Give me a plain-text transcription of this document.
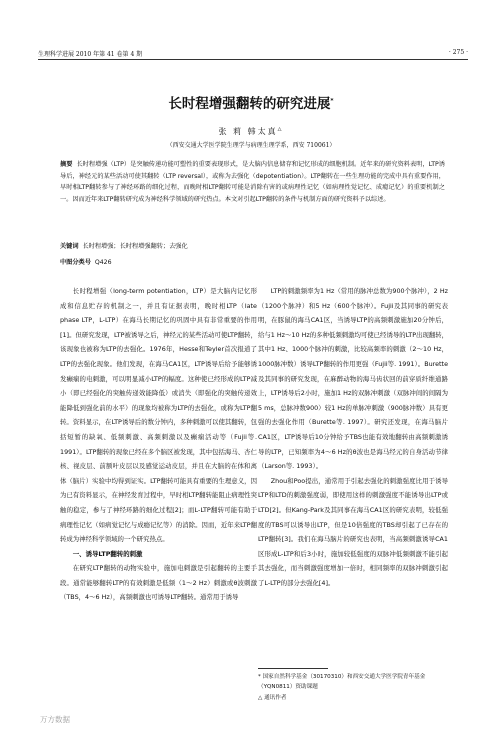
生理科学进展 2010 年第 41 卷第 4 期	· 275 ·
长时程增强翻转的研究进展*
张 莉 韩太真△
（西安交通大学医学院生理学与病理生理学系，西安 710061）
摘要 长时程增强（LTP）是突触传递功能可塑性的重要表现形式，是大脑内信息储存和记忆形成的细胞机制。近年来的研究资料表明，LTP诱导后，神经元的某些活动可使其翻转（LTP reversal），或称为去强化（depotentiation）。LTP翻转在一些生理功能的完成中具有重要作用，早时相LTP翻转参与了神经环路的细化过程，而晚时相LTP翻转可能是消除有害的或病理性记忆（如病理性觉记忆、成瘾记忆）的重要机制之一。因而近年来LTP翻转研究成为神经科学领域的研究热点。本文对引起LTP翻转的条件与机制方面的研究资料予以综述。
关键词 长时程增强；长时程增强翻转；去强化
中图分类号 Q426

长时程增强（long-term potentiation，LTP）是大脑内记忆形成和信息贮存的机制之一，并且有证据表明，晚时相LTP（late phase LTP，L-LTP）在海马长期记忆的巩固中具有非常重要的作用[1]。但研究发现，LTP被诱导之后，神经元的某些活动可使LTP翻转，该现象也被称为LTP的去强化。1976年，Hesse和Teyler首次报道了LTP的去强化现象。他们发现，在海马CA1区，LTP诱导后给予能够诱发癫痫的电刺激，可以明显减小LTP的幅度。这种使已经形成的LTP减小（即已经强化的突触传递效能降低）或消失（即强化的突触传递效能降低到强化前的水平）的现象均被称为LTP的去强化，或称为LTP翻转。资料显示，在LTP诱导后的数分钟内，多种刺激可以使其翻转，包括短暂的缺氧、低频刺激、高频刺激以及癫痫活动等（Fujii等. 1991）。LTP翻转的现象已经在多个脑区被发现，其中包括海马、杏仁核、视皮层、前额叶皮层以及感觉运动皮层，并且在大脑的在体和离体（脑片）实验中均得到证实。LTP翻转可能具有重要的生理意义，因为已有资料显示，在神经发育过程中，早时相LTP翻转能阻止病理性突触的稳定，参与了神经环路的细化过程[2]；而L-LTP翻转可能有助于病理性记忆（如病觉记忆与成瘾记忆等）的消除。因而，近年来LTP翻转成为神经科学领域的一个研究热点。

一、诱导LTP翻转的刺激

在研究LTP翻转的动物实验中，施加电刺激是引起翻转的主要手段。通常能够翻转LTP的有效刺激是低频（1～2 Hz）刺激或θ波刺激（TBS，4～6 Hz），高频刺激也可诱导LTP翻转。通常用于诱导

LTP的刺激频率为1 Hz（常用的脉冲总数为900个脉冲），2 Hz（1200个脉冲）和5 Hz（600个脉冲）。Fujii及其同事的研究表明，在豚鼠的海马CA1区，当诱导LTP的高频刺激施加20分钟后，给与1 Hz～10 Hz的多种低频刺激均可使已经诱导的LTP出现翻转，其中1 Hz、1000个脉冲的刺激，比较高频率的刺激（2～10 Hz，1000脉冲数）诱导LTP翻转的作用更强（Fujii等. 1991）。Burette及其同事的研究发现，在麻醉动物的海马齿状回的前穿质纤维通路上，LTP诱导后2小时，施加1 Hz的双脉冲刺激（双脉冲间的间隔为5 ms，总脉冲数900）较1 Hz的单脉冲刺激（900脉冲数）具有更强的去强化作用（Burette等. 1997）。研究还发现，在海马脑片CA1区，LTP诱导后10分钟给予TBS也能有效地翻转由高频刺激诱导的LTP，已知频率为4～6 Hz的θ波也是海马经元的自身活动节律（Larson等. 1993）。

Zhou和Poo提出，通常用于引起去强化的刺激强度比用于诱导LTP和LTD的刺激强度弱，即使用这样的刺激强度不能诱导出LTP或LTD[2]。但Kang-Park及其同事在海马CA1区的研究表明，较低强度的TBS可以诱导出LTP，但是10倍强度的TBS却引起了已存在的LTP翻转[3]。我们在海马脑片的研究也表明，当高频刺激诱导CA1区形成L-LTP和后3小时，施加较低强度的双脉冲低频刺激不能引起其去强化，而当刺激强度增加一倍时，相同频率的双脉冲刺激引起了L-LTP的部分去强化[4]。

* 国家自然科学基金（30170310）和西安交通大学医学院青年基金（YQN0811）资助课题
△ 通讯作者
万方数据
